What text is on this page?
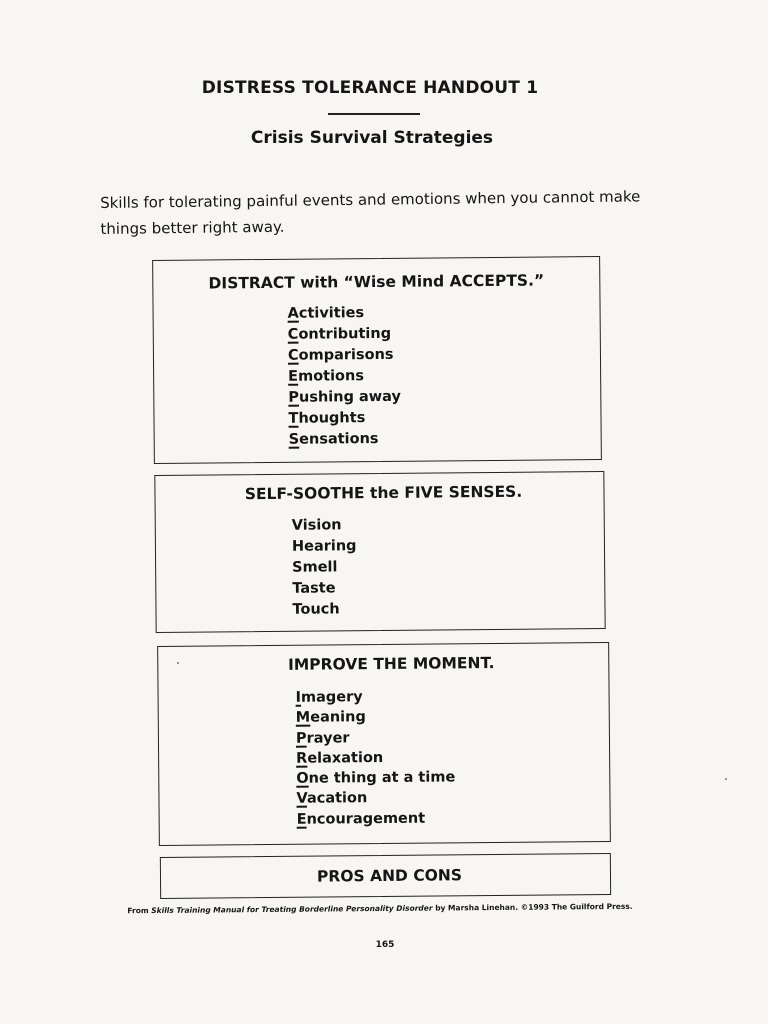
DISTRESS TOLERANCE HANDOUT 1
Crisis Survival Strategies
Skills for tolerating painful events and emotions when you cannot make things better right away.
DISTRACT with “Wise Mind ACCEPTS.”
Activities
Contributing
Comparisons
Emotions
Pushing away
Thoughts
Sensations
SELF-SOOTHE the FIVE SENSES.
Vision
Hearing
Smell
Taste
Touch
IMPROVE THE MOMENT.
Imagery
Meaning
Prayer
Relaxation
One thing at a time
Vacation
Encouragement
PROS AND CONS
From Skills Training Manual for Treating Borderline Personality Disorder by Marsha Linehan. ©1993 The Guilford Press.
165
